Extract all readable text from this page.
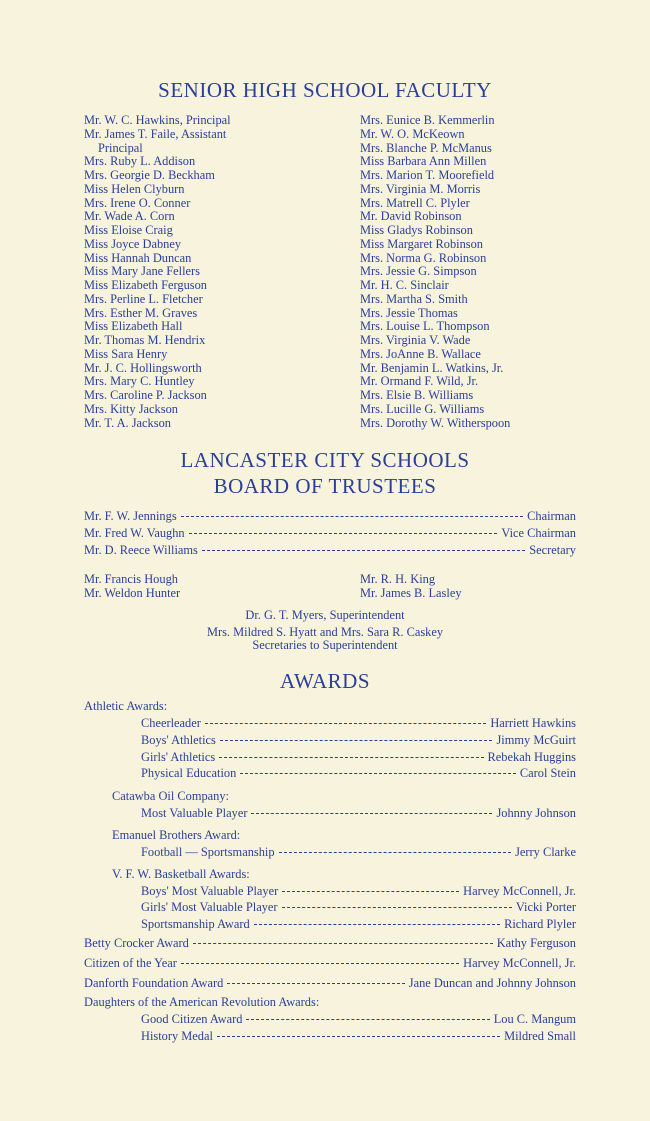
SENIOR HIGH SCHOOL FACULTY
Mr. W. C. Hawkins, Principal
Mr. James T. Faile, Assistant
Principal
Mrs. Ruby L. Addison
Mrs. Georgie D. Beckham
Miss Helen Clyburn
Mrs. Irene O. Conner
Mr. Wade A. Corn
Miss Eloise Craig
Miss Joyce Dabney
Miss Hannah Duncan
Miss Mary Jane Fellers
Miss Elizabeth Ferguson
Mrs. Perline L. Fletcher
Mrs. Esther M. Graves
Miss Elizabeth Hall
Mr. Thomas M. Hendrix
Miss Sara Henry
Mr. J. C. Hollingsworth
Mrs. Mary C. Huntley
Mrs. Caroline P. Jackson
Mrs. Kitty Jackson
Mr. T. A. Jackson
Mrs. Eunice B. Kemmerlin
Mr. W. O. McKeown
Mrs. Blanche P. McManus
Miss Barbara Ann Millen
Mrs. Marion T. Moorefield
Mrs. Virginia M. Morris
Mrs. Matrell C. Plyler
Mr. David Robinson
Miss Gladys Robinson
Miss Margaret Robinson
Mrs. Norma G. Robinson
Mrs. Jessie G. Simpson
Mr. H. C. Sinclair
Mrs. Martha S. Smith
Mrs. Jessie Thomas
Mrs. Louise L. Thompson
Mrs. Virginia V. Wade
Mrs. JoAnne B. Wallace
Mr. Benjamin L. Watkins, Jr.
Mr. Ormand F. Wild, Jr.
Mrs. Elsie B. Williams
Mrs. Lucille G. Williams
Mrs. Dorothy W. Witherspoon
LANCASTER CITY SCHOOLS
BOARD OF TRUSTEES
Mr. F. W. Jennings	Chairman
Mr. Fred W. Vaughn	Vice Chairman
Mr. D. Reece Williams	Secretary
Mr. Francis Hough
Mr. Weldon Hunter
Mr. R. H. King
Mr. James B. Lasley
Dr. G. T. Myers, Superintendent
Mrs. Mildred S. Hyatt and Mrs. Sara R. Caskey
Secretaries to Superintendent
AWARDS
Athletic Awards:
Cheerleader	Harriett Hawkins
Boys' Athletics	Jimmy McGuirt
Girls' Athletics	Rebekah Huggins
Physical Education	Carol Stein
Catawba Oil Company:
Most Valuable Player	Johnny Johnson
Emanuel Brothers Award:
Football — Sportsmanship	Jerry Clarke
V. F. W. Basketball Awards:
Boys' Most Valuable Player	Harvey McConnell, Jr.
Girls' Most Valuable Player	Vicki Porter
Sportsmanship Award	Richard Plyler
Betty Crocker Award	Kathy Ferguson
Citizen of the Year	Harvey McConnell, Jr.
Danforth Foundation Award	Jane Duncan and Johnny Johnson
Daughters of the American Revolution Awards:
Good Citizen Award	Lou C. Mangum
History Medal	Mildred Small
